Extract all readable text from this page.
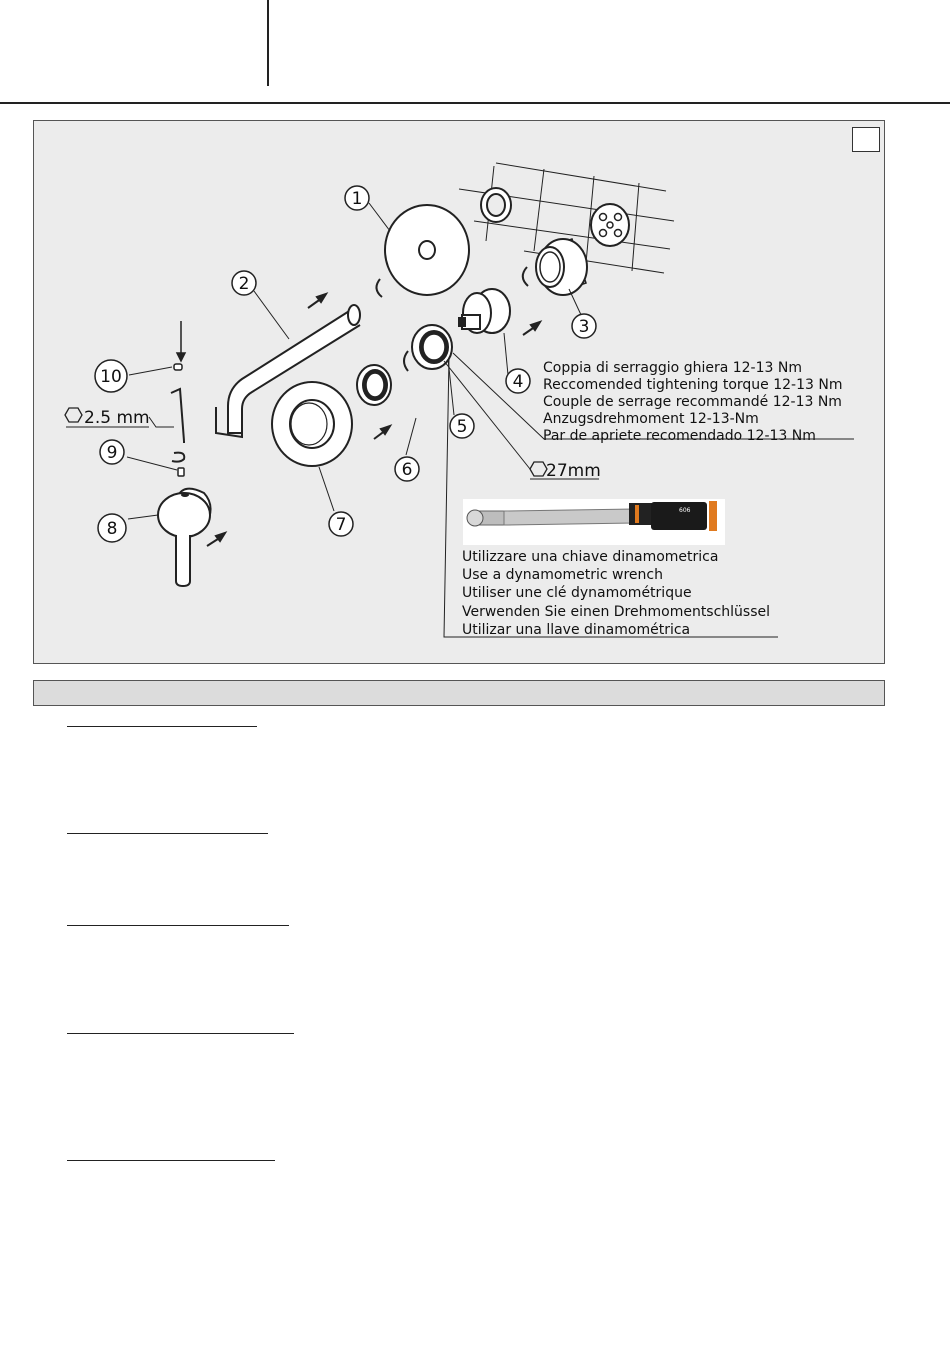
1
2
3
4
5
6
7
8
9
10
2.5 mm
27mm
Coppia di serraggio ghiera 12-13 Nm
Reccomended tightening torque 12-13 Nm
Couple de serrage recommandé 12-13 Nm
Anzugsdrehmoment 12-13-Nm
Par de apriete recomendado 12-13 Nm
606
Utilizzare una chiave dinamometrica
Use a dynamometric wrench
Utiliser une clé dynamométrique
Verwenden Sie einen Drehmomentschlüssel
Utilizar una llave dinamométrica
